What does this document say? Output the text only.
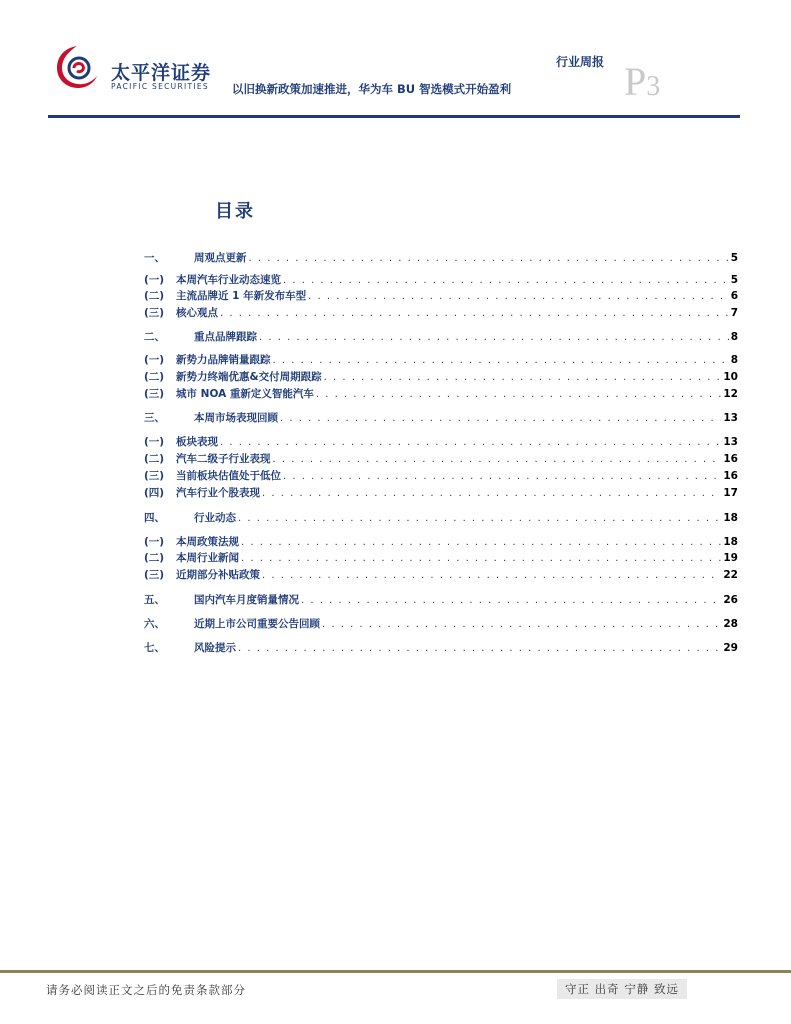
太平洋证券
PACIFIC SECURITIES
行业周报 P3
以旧换新政策加速推进，华为车 BU 智选模式开始盈利
目录
一、	周观点更新 . . .	5
(一)	本周汽车行业动态速览 . . .	5
(二)	主流品牌近 1 年新发布车型 . . .	6
(三)	核心观点 . . .	7
二、	重点品牌跟踪 . . .	8
(一)	新势力品牌销量跟踪 . . .	8
(二)	新势力终端优惠&交付周期跟踪 . . .	10
(三)	城市 NOA 重新定义智能汽车 . . .	12
三、	本周市场表现回顾 . . .	13
(一)	板块表现 . . .	13
(二)	汽车二级子行业表现 . . .	16
(三)	当前板块估值处于低位 . . .	16
(四)	汽车行业个股表现 . . .	17
四、	行业动态 . . .	18
(一)	本周政策法规 . . .	18
(二)	本周行业新闻 . . .	19
(三)	近期部分补贴政策 . . .	22
五、	国内汽车月度销量情况 . . .	26
六、	近期上市公司重要公告回顾 . . .	28
七、	风险提示 . . .	29
请务必阅读正文之后的免责条款部分	守正 出奇 宁静 致远
